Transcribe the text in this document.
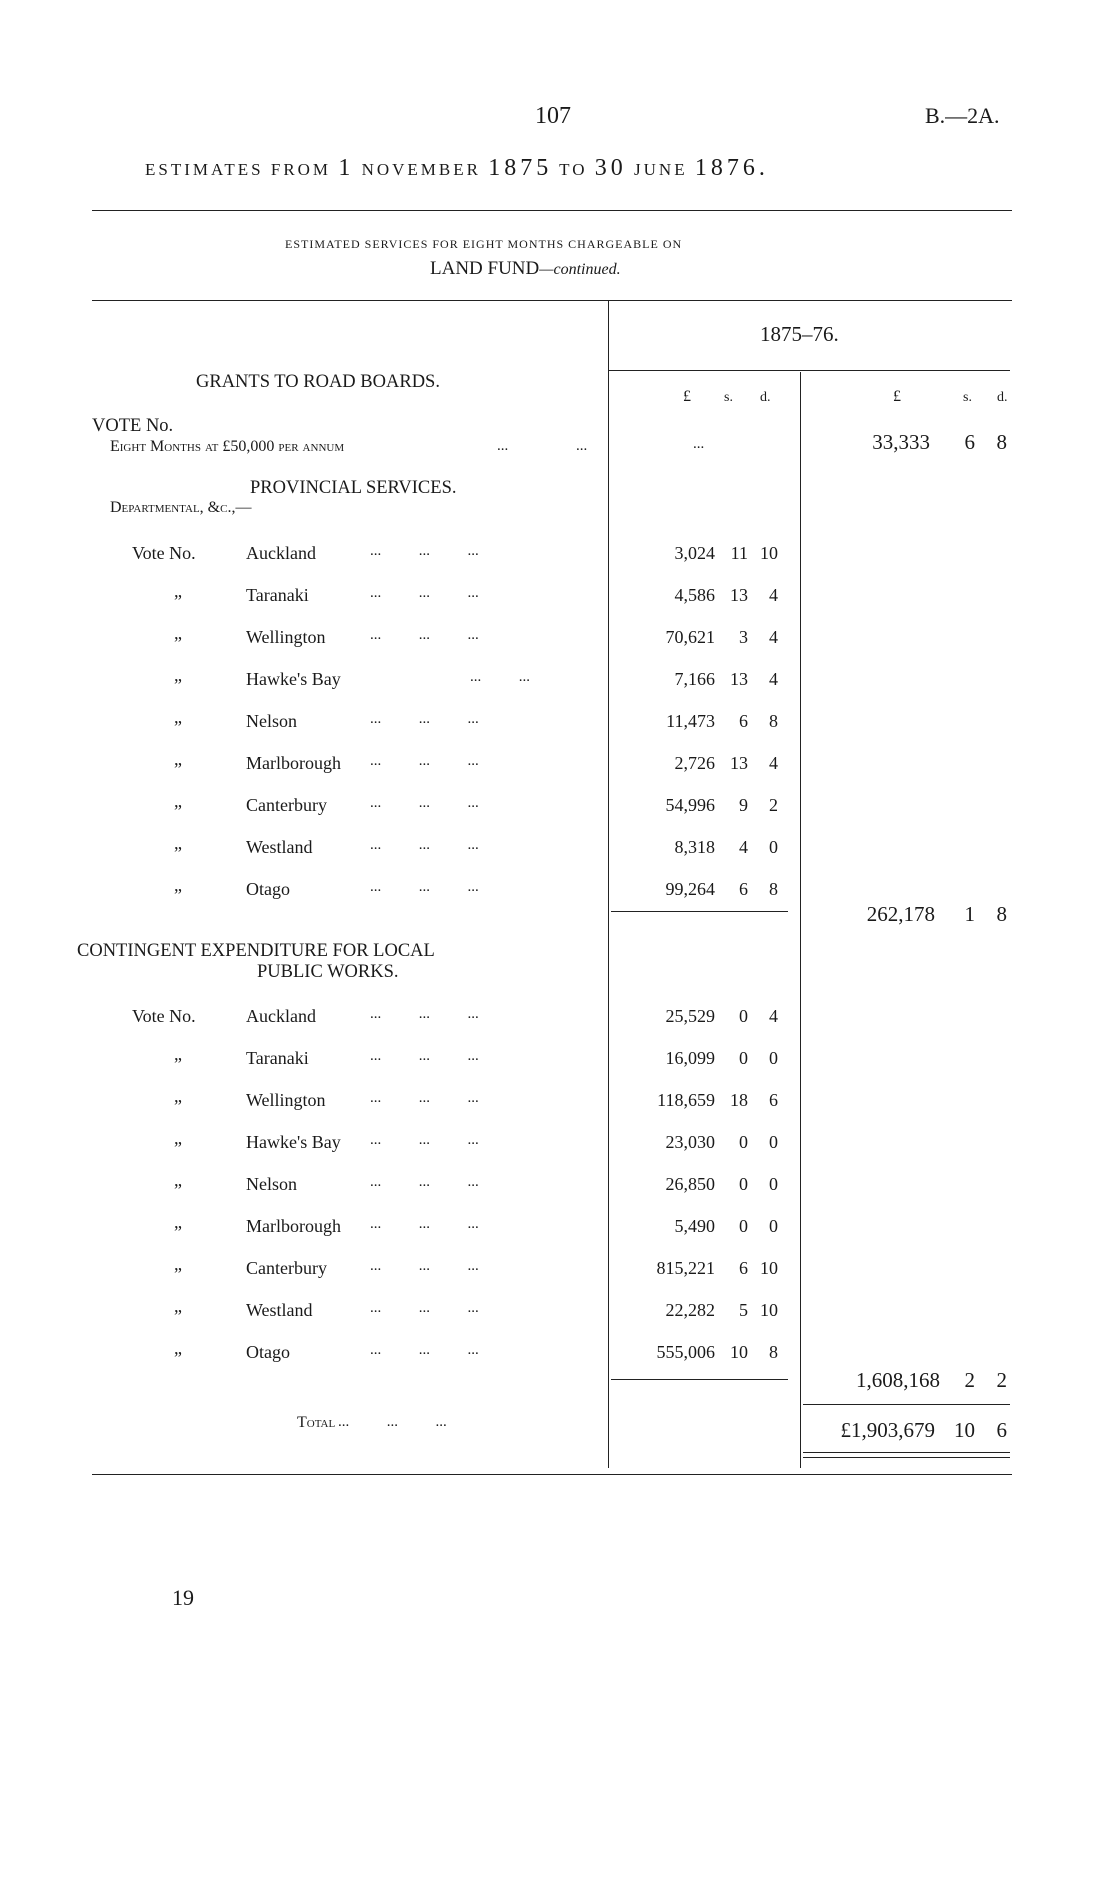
107	B.—2A.
ESTIMATES FROM 1 NOVEMBER 1875 TO 30 JUNE 1876.
ESTIMATED SERVICES FOR EIGHT MONTHS CHARGEABLE ON
LAND FUND—continued.
1875–76.
£ s. d.	£	s. d.
GRANTS TO ROAD BOARDS.
VOTE No.
Eight Months at £50,000 per annum	...	...	...	33,333	6	8
PROVINCIAL SERVICES.
Departmental, &c.,—
Vote No.	Auckland	...          ...          ...	3,024 11 10
„	Taranaki	...          ...          ...	4,586 13	4
„	Wellington	...          ...          ...	70,621	3	4
„	Hawke's Bay	...          ...	7,166 13	4
„	Nelson	...          ...          ...	11,473	6	8
„	Marlborough ...          ...          ...	2,726 13	4
„	Canterbury	...          ...          ...	54,996	9	2
„	Westland	...          ...          ...	8,318	4	0
„	Otago	...          ...          ...	99,264	6	8
262,178	1	8
CONTINGENT EXPENDITURE FOR LOCAL
PUBLIC WORKS.
Vote No.	Auckland	...          ...          ...	25,529	0	4
„	Taranaki	...          ...          ...	16,099	0	0
„	Wellington	...          ...          ...	118,659 18	6
„	Hawke's Bay ...          ...          ...	23,030	0	0
„	Nelson	...          ...          ...	26,850	0	0
„	Marlborough ...          ...          ...	5,490	0	0
„	Canterbury	...          ...          ...	815,221	6 10
„	Westland	...          ...          ...	22,282	5 10
„	Otago	...          ...          ...	555,006 10	8
1,608,168	2	2
Total ...          ...          ...	£1,903,679 10	6
19
